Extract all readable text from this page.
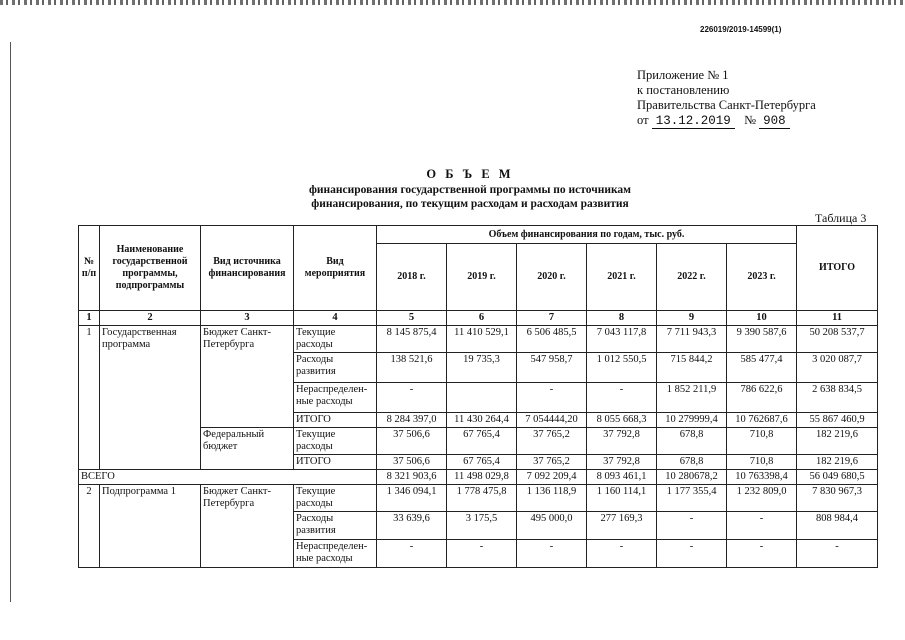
226019/2019-14599(1)
Приложение № 1
к постановлению
Правительства Санкт-Петербурга
от 13.12.2019 № 908
О Б Ъ Е М
финансирования государственной программы по источникам
финансирования, по текущим расходам и расходам развития
Таблица 3
№ п/п	Наименование государственной программы, подпрограммы	Вид источника финансирования	Вид мероприятия	Объем финансирования по годам, тыс. руб.						ИТОГО
				2018 г.	2019 г.	2020 г.	2021 г.	2022 г.	2023 г.	
1	2	3	4	5	6	7	8	9	10	11
1	Государственная программа	Бюджет Санкт-Петербурга	Текущие расходы	8 145 875,4	11 410 529,1	6 506 485,5	7 043 117,8	7 711 943,3	9 390 587,6	50 208 537,7
			Расходы развития	138 521,6	19 735,3	547 958,7	1 012 550,5	715 844,2	585 477,4	3 020 087,7
			Нераспределен-ные расходы	-		-	-	1 852 211,9	786 622,6	2 638 834,5
			ИТОГО	8 284 397,0	11 430 264,4	7 054444,20	8 055 668,3	10 279999,4	10 762687,6	55 867 460,9
		Федеральный бюджет	Текущие расходы	37 506,6	67 765,4	37 765,2	37 792,8	678,8	710,8	182 219,6
			ИТОГО	37 506,6	67 765,4	37 765,2	37 792,8	678,8	710,8	182 219,6
ВСЕГО				8 321 903,6	11 498 029,8	7 092 209,4	8 093 461,1	10 280678,2	10 763398,4	56 049 680,5
2	Подпрограмма 1	Бюджет Санкт-Петербурга	Текущие расходы	1 346 094,1	1 778 475,8	1 136 118,9	1 160 114,1	1 177 355,4	1 232 809,0	7 830 967,3
			Расходы развития	33 639,6	3 175,5	495 000,0	277 169,3	-	-	808 984,4
			Нераспределен-ные расходы	-	-	-	-	-	-	-
